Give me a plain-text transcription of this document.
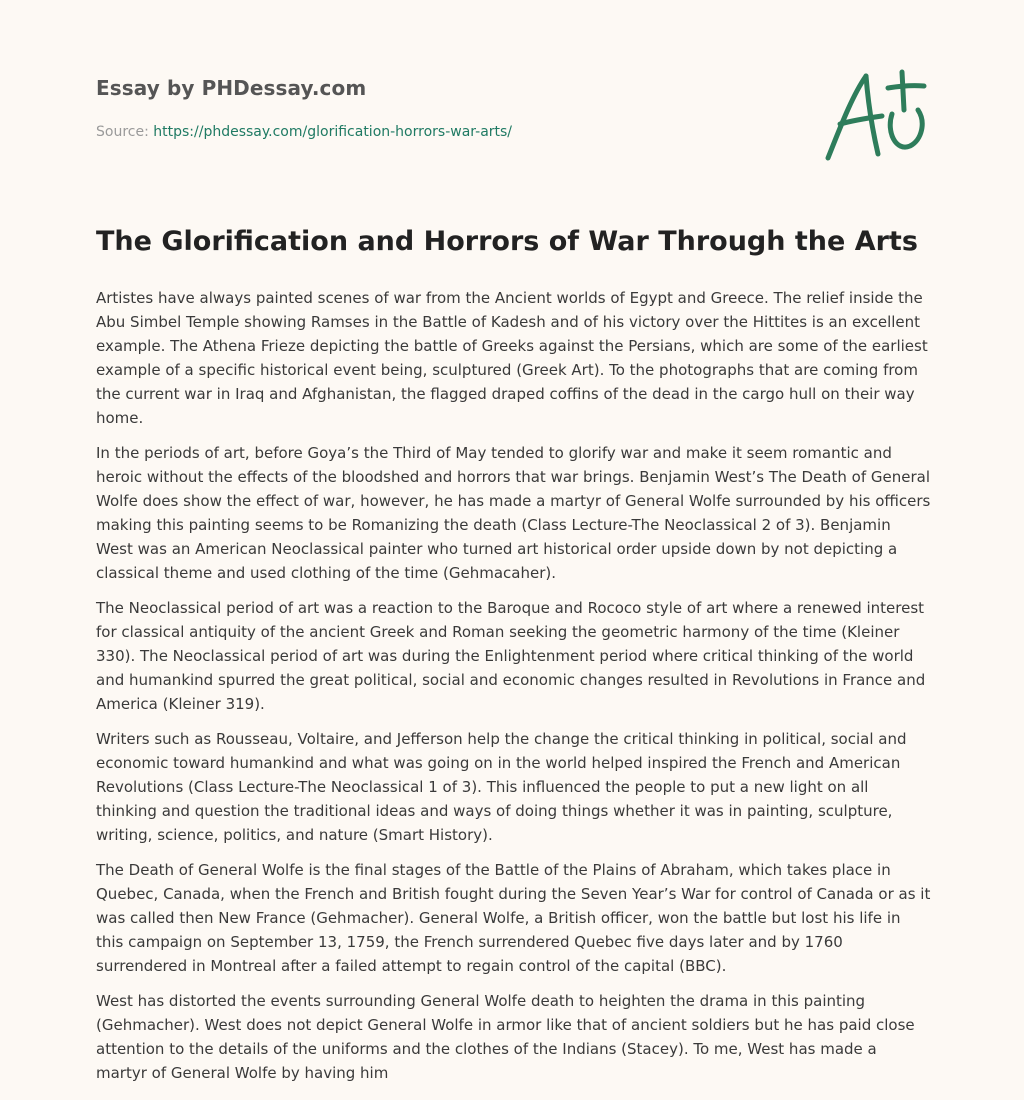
Essay by PHDessay.com
Source: https://phdessay.com/glorification-horrors-war-arts/
The Glorification and Horrors of War Through the Arts

Artistes have always painted scenes of war from the Ancient worlds of Egypt and Greece. The relief inside the Abu Simbel Temple showing Ramses in the Battle of Kadesh and of his victory over the Hittites is an excellent example. The Athena Frieze depicting the battle of Greeks against the Persians, which are some of the earliest example of a specific historical event being, sculptured (Greek Art). To the photographs that are coming from the current war in Iraq and Afghanistan, the flagged draped coffins of the dead in the cargo hull on their way home.

In the periods of art, before Goya’s the Third of May tended to glorify war and make it seem romantic and heroic without the effects of the bloodshed and horrors that war brings. Benjamin West’s The Death of General Wolfe does show the effect of war, however, he has made a martyr of General Wolfe surrounded by his officers making this painting seems to be Romanizing the death (Class Lecture-The Neoclassical 2 of 3). Benjamin West was an American Neoclassical painter who turned art historical order upside down by not depicting a classical theme and used clothing of the time (Gehmacaher).

The Neoclassical period of art was a reaction to the Baroque and Rococo style of art where a renewed interest for classical antiquity of the ancient Greek and Roman seeking the geometric harmony of the time (Kleiner 330). The Neoclassical period of art was during the Enlightenment period where critical thinking of the world and humankind spurred the great political, social and economic changes resulted in Revolutions in France and America (Kleiner 319).

Writers such as Rousseau, Voltaire, and Jefferson help the change the critical thinking in political, social and economic toward humankind and what was going on in the world helped inspired the French and American Revolutions (Class Lecture-The Neoclassical 1 of 3). This influenced the people to put a new light on all thinking and question the traditional ideas and ways of doing things whether it was in painting, sculpture, writing, science, politics, and nature (Smart History).

The Death of General Wolfe is the final stages of the Battle of the Plains of Abraham, which takes place in Quebec, Canada, when the French and British fought during the Seven Year’s War for control of Canada or as it was called then New France (Gehmacher). General Wolfe, a British officer, won the battle but lost his life in this campaign on September 13, 1759, the French surrendered Quebec five days later and by 1760 surrendered in Montreal after a failed attempt to regain control of the capital (BBC).

West has distorted the events surrounding General Wolfe death to heighten the drama in this painting (Gehmacher). West does not depict General Wolfe in armor like that of ancient soldiers but he has paid close attention to the details of the uniforms and the clothes of the Indians (Stacey). To me, West has made a martyr of General Wolfe by having him
